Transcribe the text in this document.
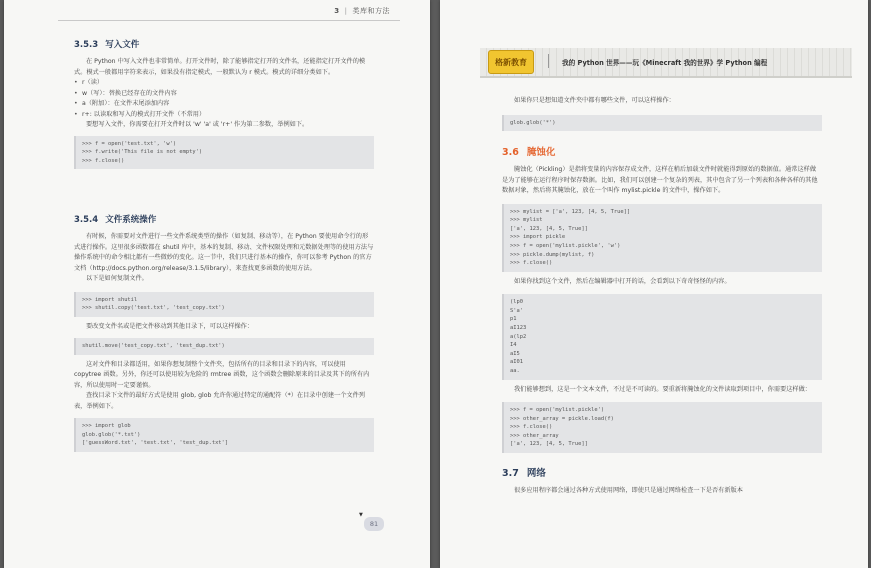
3 | 类库和方法
3.5.3 写入文件

在 Python 中写入文件也非常简单。打开文件时，除了能够指定打开的文件名，还能指定打开文件的模式。模式一般都用字符来表示，如果没有指定模式，一般默认为 r 模式。模式的详细分类如下。

• r（读）
• w（写）：替换已经存在的文件内容
• a（附加）：在文件末尾添加内容
• r+: 以读取和写入的模式打开文件（不常用）

要想写入文件，你需要在打开文件时以 'w' 'a' 或 'r+' 作为第二参数，举例如下。

>>> f = open('test.txt', 'w')
>>> f.write('This file is not empty')
>>> f.close()
3.5.4 文件系统操作

有时候，你需要对文件进行一些文件系统类型的操作（如复制、移动等），在 Python 要使用命令行的形式进行操作。这里很多函数都在 shutil 库中，基本的复制、移动、文件权限处理和元数据处理等的使用方法与操作系统中的命令相比都有一些微妙的变化。这一节中，我们只进行基本的操作，你可以参考 Python 的官方文档（http://docs.python.org/release/3.1.5/library），来查找更多函数的使用方法。

以下是如何复制文件。

>>> import shutil
>>> shutil.copy('test.txt', 'test_copy.txt')

要改变文件名或是把文件移动到其他目录下，可以这样操作：

shutil.move('test_copy.txt', 'test_dup.txt')

这对文件和目录都适用，如果你想复制整个文件夹，包括所有的目录和目录下的内容，可以使用 copytree 函数。另外，你还可以使用较为危险的 rmtree 函数，这个函数会删除原来的目录及其下的所有内容，所以使用时一定要谨慎。

查找目录下文件的最好方式是使用 glob, glob 允许你通过特定的通配符（*）在目录中创建一个文件列表，举例如下。

>>> import glob
glob.glob('*.txt')
['guessWord.txt', 'test.txt', 'test_dup.txt']
▼
81
格新教育	我的 Python 世界——玩《Minecraft 我的世界》学 Python 编程

如果你只是想知道文件夹中都有哪些文件，可以这样操作：

glob.glob('*')
3.6 腌蚀化

腌蚀化（Pickling）是指将变量的内容保存成文件，这样在稍后加载文件时就能得到原始的数据值。通常这样做是为了能够在运行程序时保存数据。比如，我们可以创建一个复杂的列表，其中包含了另一个列表和各种各样的其他数据对象，然后将其腌蚀化，放在一个叫作 mylist.pickle 的文件中，操作如下。

>>> mylist = ['a', 123, [4, 5, True]]
>>> mylist
['a', 123, [4, 5, True]]
>>> import pickle
>>> f = open('mylist.pickle', 'w')
>>> pickle.dump(mylist, f)
>>> f.close()

如果你找到这个文件，然后在编辑器中打开的话，会看到以下奇奇怪怪的内容。

(lp0
S'a'
p1
aI123
a(lp2
I4
aI5
aI01
aa.

我们能够想到，这是一个文本文件，不过是不可读的。要重新将腌蚀化的文件读取到项目中，你需要这样做：

>>> f = open('mylist.pickle')
>>> other_array = pickle.load(f)
>>> f.close()
>>> other_array
['a', 123, [4, 5, True]]
3.7 网络

很多应用程序都会通过各种方式使用网络，即使只是通过网络检查一下是否有新版本
